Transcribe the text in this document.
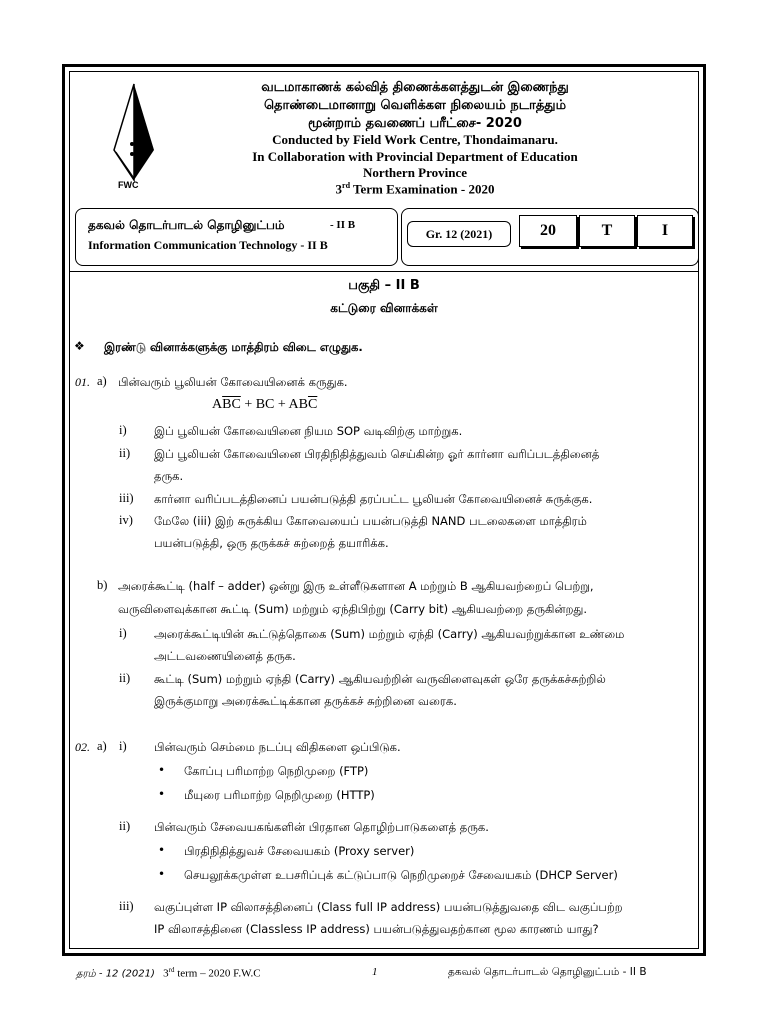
FWC
வடமாகாணக் கல்வித் திணைக்களத்துடன் இணைந்து
தொண்டைமானாறு வெளிக்கள நிலையம் நடாத்தும்
மூன்றாம் தவணைப் பரீட்சை- 2020
Conducted by Field Work Centre, Thondaimanaru.
In Collaboration with Provincial Department of Education
Northern Province
3rd Term Examination - 2020
தகவல் தொடர்பாடல் தொழினுட்பம்	- II B
Information Communication Technology - II B
Gr. 12 (2021)	20	T	I
பகுதி – II B
கட்டுரை வினாக்கள்
❖ இரண்டு வினாக்களுக்கு மாத்திரம் விடை எழுதுக.
01. a) பின்வரும் பூலியன் கோவையினைக் கருதுக.
$A\overline{BC}$ + BC + $AB\overline{C}$
i) இப் பூலியன் கோவையினை நியம SOP வடிவிற்கு மாற்றுக.
ii) இப் பூலியன் கோவையினை பிரதிநிதித்துவம் செய்கின்ற ஓர் கார்னா வரிப்படத்தினைத்
தருக.
iii) கார்னா வரிப்படத்தினைப் பயன்படுத்தி தரப்பட்ட பூலியன் கோவையினைச் சுருக்குக.
iv) மேலே (iii) இற் சுருக்கிய கோவையைப் பயன்படுத்தி NAND படலைகளை மாத்திரம்
பயன்படுத்தி, ஒரு தருக்கச் சுற்றைத் தயாரிக்க.
b) அரைக்கூட்டி (half – adder) ஒன்று இரு உள்ளீடுகளான A மற்றும் B ஆகியவற்றைப் பெற்று,
வருவிளைவுக்கான கூட்டி (Sum) மற்றும் ஏந்திபிற்று (Carry bit) ஆகியவற்றை தருகின்றது.
i) அரைக்கூட்டியின் கூட்டுத்தொகை (Sum) மற்றும் ஏந்தி (Carry) ஆகியவற்றுக்கான உண்மை
அட்டவணையினைத் தருக.
ii) கூட்டி (Sum) மற்றும் ஏந்தி (Carry) ஆகியவற்றின் வருவிளைவுகள் ஒரே தருக்கச்சுற்றில்
இருக்குமாறு அரைக்கூட்டிக்கான தருக்கச் சுற்றினை வரைக.
02. a) i) பின்வரும் செம்மை நடப்பு விதிகளை ஒப்பிடுக.
• கோப்பு பரிமாற்ற நெறிமுறை (FTP)
• மீயுரை பரிமாற்ற நெறிமுறை (HTTP)
ii) பின்வரும் சேவையகங்களின் பிரதான தொழிற்பாடுகளைத் தருக.
• பிரதிநிதித்துவச் சேவையகம் (Proxy server)
• செயலூக்கமுள்ள உபசரிப்புக் கட்டுப்பாடு நெறிமுறைச் சேவையகம் (DHCP Server)
iii) வகுப்புள்ள IP விலாசத்தினைப் (Class full IP address) பயன்படுத்துவதை விட வகுப்பற்ற
IP விலாசத்தினை (Classless IP address) பயன்படுத்துவதற்கான மூல காரணம் யாது?
தரம் - 12 (2021) 3rd term – 2020 F.W.C	1	தகவல் தொடர்பாடல் தொழினுட்பம் - II B
